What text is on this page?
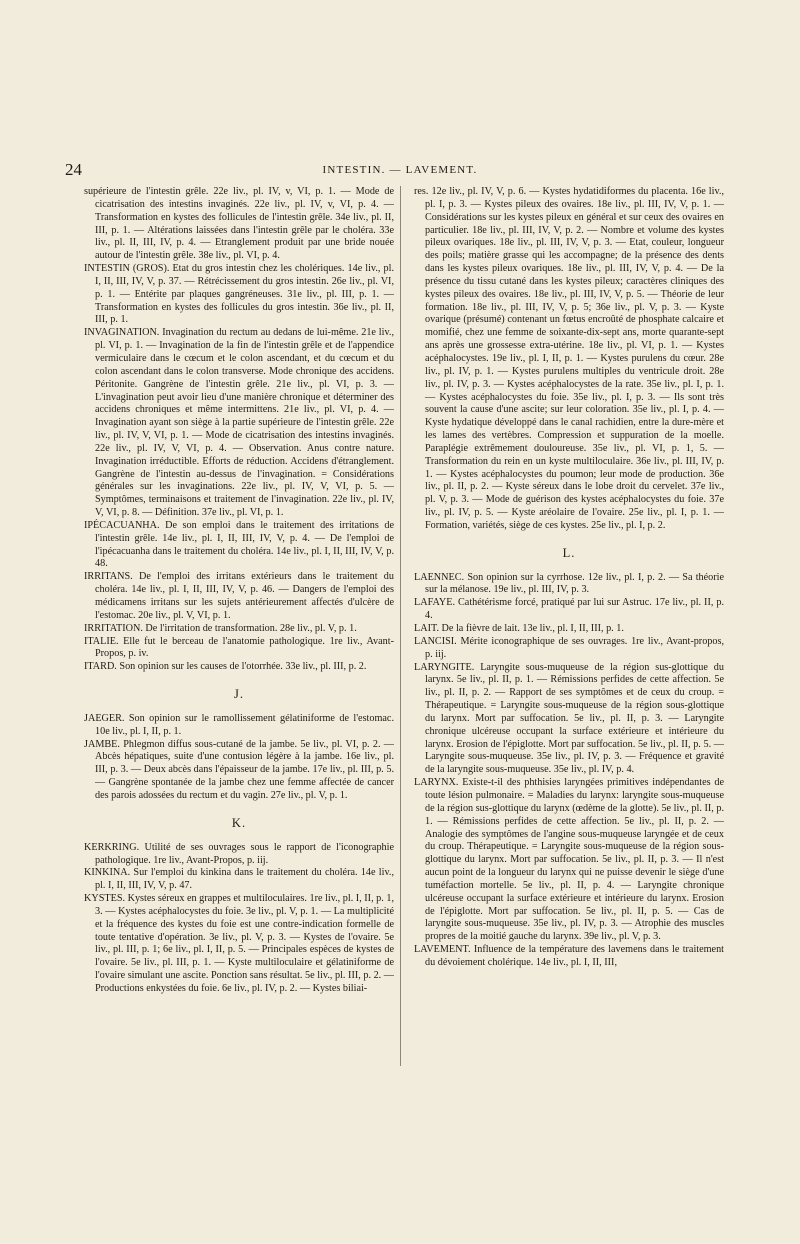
24	INTESTIN. — LAVEMENT.

supérieure de l'intestin grêle. 22e liv., pl. IV, v, VI, p. 1. — Mode de cicatrisation des intestins invaginés. 22e liv., pl. IV, v, VI, p. 4. — Transformation en kystes des follicules de l'intestin grêle. 34e liv., pl. II, III, p. 1. — Altérations laissées dans l'intestin grêle par le choléra. 33e liv., pl. II, III, IV, p. 4. — Etranglement produit par une bride nouée autour de l'intestin grêle. 38e liv., pl. VI, p. 4.

INTESTIN (GROS). Etat du gros intestin chez les cholériques. 14e liv., pl. I, II, III, IV, V, p. 37. — Rétrécissement du gros intestin. 26e liv., pl. VI, p. 1. — Entérite par plaques gangréneuses. 31e liv., pl. III, p. 1. — Transformation en kystes des follicules du gros intestin. 36e liv., pl. II, III, p. 1.

INVAGINATION. Invagination du rectum au dedans de lui-même. 21e liv., pl. VI, p. 1. — Invagination de la fin de l'intestin grêle et de l'appendice vermiculaire dans le cœcum et le colon ascendant, et du cœcum et du colon ascendant dans le colon transverse. Mode chronique des accidens. Péritonite. Gangrène de l'intestin grêle. 21e liv., pl. VI, p. 3. — L'invagination peut avoir lieu d'une manière chronique et déterminer des accidens chroniques et même intermittens. 21e liv., pl. VI, p. 4. — Invagination ayant son siège à la partie supérieure de l'intestin grêle. 22e liv., pl. IV, V, VI, p. 1. — Mode de cicatrisation des intestins invaginés. 22e liv., pl. IV, V, VI, p. 4. — Observation. Anus contre nature. Invagination irréductible. Efforts de réduction. Accidens d'étranglement. Gangrène de l'intestin au-dessus de l'invagination. = Considérations générales sur les invaginations. 22e liv., pl. IV, V, VI, p. 5. — Symptômes, terminaisons et traitement de l'invagination. 22e liv., pl. IV, V, VI, p. 8. — Définition. 37e liv., pl. VI, p. 1.

IPÉCACUANHA. De son emploi dans le traitement des irritations de l'intestin grêle. 14e liv., pl. I, II, III, IV, V, p. 4. — De l'emploi de l'ipécacuanha dans le traitement du choléra. 14e liv., pl. I, II, III, IV, V, p. 48.

IRRITANS. De l'emploi des irritans extérieurs dans le traitement du choléra. 14e liv., pl. I, II, III, IV, V, p. 46. — Dangers de l'emploi des médicamens irritans sur les sujets antérieurement affectés d'ulcère de l'estomac. 20e liv., pl. V, VI, p. 1.

IRRITATION. De l'irritation de transformation. 28e liv., pl. V, p. 1.

ITALIE. Elle fut le berceau de l'anatomie pathologique. 1re liv., Avant-Propos, p. iv.

ITARD. Son opinion sur les causes de l'otorrhée. 33e liv., pl. III, p. 2.

J.

JAEGER. Son opinion sur le ramollissement gélatiniforme de l'estomac. 10e liv., pl. I, II, p. 1.

JAMBE. Phlegmon diffus sous-cutané de la jambe. 5e liv., pl. VI, p. 2. — Abcès hépatiques, suite d'une contusion légère à la jambe. 16e liv., pl. III, p. 3. — Deux abcès dans l'épaisseur de la jambe. 17e liv., pl. III, p. 5. — Gangrène spontanée de la jambe chez une femme affectée de cancer des parois adossées du rectum et du vagin. 27e liv., pl. V, p. 1.

K.

KERKRING. Utilité de ses ouvrages sous le rapport de l'iconographie pathologique. 1re liv., Avant-Propos, p. iij.

KINKINA. Sur l'emploi du kinkina dans le traitement du choléra. 14e liv., pl. I, II, III, IV, V, p. 47.

KYSTES. Kystes séreux en grappes et multiloculaires. 1re liv., pl. I, II, p. 1, 3. — Kystes acéphalocystes du foie. 3e liv., pl. V, p. 1. — La multiplicité et la fréquence des kystes du foie est une contre-indication formelle de toute tentative d'opération. 3e liv., pl. V, p. 3. — Kystes de l'ovaire. 5e liv., pl. III, p. 1; 6e liv., pl. I, II, p. 5. — Principales espèces de kystes de l'ovaire. 5e liv., pl. III, p. 1. — Kyste multiloculaire et gélatiniforme de l'ovaire simulant une ascite. Ponction sans résultat. 5e liv., pl. III, p. 2. — Productions enkystées du foie. 6e liv., pl. IV, p. 2. — Kystes biliai-

res. 12e liv., pl. IV, V, p. 6. — Kystes hydatidiformes du placenta. 16e liv., pl. I, p. 3. — Kystes pileux des ovaires. 18e liv., pl. III, IV, V, p. 1. — Considérations sur les kystes pileux en général et sur ceux des ovaires en particulier. 18e liv., pl. III, IV, V, p. 2. — Nombre et volume des kystes pileux ovariques. 18e liv., pl. III, IV, V, p. 3. — Etat, couleur, longueur des poils; matière grasse qui les accompagne; de la présence des dents dans les kystes pileux ovariques. 18e liv., pl. III, IV, V, p. 4. — De la présence du tissu cutané dans les kystes pileux; caractères cliniques des kystes pileux des ovaires. 18e liv., pl. III, IV, V, p. 5. — Théorie de leur formation. 18e liv., pl. III, IV, V, p. 5; 36e liv., pl. V, p. 3. — Kyste ovarique (présumé) contenant un fœtus encroûté de phosphate calcaire et momifié, chez une femme de soixante-dix-sept ans, morte quarante-sept ans après une grossesse extra-utérine. 18e liv., pl. VI, p. 1. — Kystes acéphalocystes. 19e liv., pl. I, II, p. 1. — Kystes purulens du cœur. 28e liv., pl. IV, p. 1. — Kystes purulens multiples du ventricule droit. 28e liv., pl. IV, p. 3. — Kystes acéphalocystes de la rate. 35e liv., pl. I, p. 1. — Kystes acéphalocystes du foie. 35e liv., pl. I, p. 3. — Ils sont très souvent la cause d'une ascite; sur leur coloration. 35e liv., pl. I, p. 4. — Kyste hydatique développé dans le canal rachidien, entre la dure-mère et les lames des vertèbres. Compression et suppuration de la moelle. Paraplégie extrêmement douloureuse. 35e liv., pl. VI, p. 1, 5. — Transformation du rein en un kyste multiloculaire. 36e liv., pl. III, IV, p. 1. — Kystes acéphalocystes du poumon; leur mode de production. 36e liv., pl. II, p. 2. — Kyste séreux dans le lobe droit du cervelet. 37e liv., pl. V, p. 3. — Mode de guérison des kystes acéphalocystes du foie. 37e liv., pl. IV, p. 5. — Kyste aréolaire de l'ovaire. 25e liv., pl. I, p. 1. — Formation, variétés, siège de ces kystes. 25e liv., pl. I, p. 2.

L.

LAENNEC. Son opinion sur la cyrrhose. 12e liv., pl. I, p. 2. — Sa théorie sur la mélanose. 19e liv., pl. III, IV, p. 3.

LAFAYE. Cathétérisme forcé, pratiqué par lui sur Astruc. 17e liv., pl. II, p. 4.

LAIT. De la fièvre de lait. 13e liv., pl. I, II, III, p. 1.

LANCISI. Mérite iconographique de ses ouvrages. 1re liv., Avant-propos, p. iij.

LARYNGITE. Laryngite sous-muqueuse de la région sus-glottique du larynx. 5e liv., pl. II, p. 1. — Rémissions perfides de cette affection. 5e liv., pl. II, p. 2. — Rapport de ses symptômes et de ceux du croup. = Thérapeutique. = Laryngite sous-muqueuse de la région sous-glottique du larynx. Mort par suffocation. 5e liv., pl. II, p. 3. — Laryngite chronique ulcéreuse occupant la surface extérieure et intérieure du larynx. Erosion de l'épiglotte. Mort par suffocation. 5e liv., pl. II, p. 5. — Laryngite sous-muqueuse. 35e liv., pl. IV, p. 3. — Fréquence et gravité de la laryngite sous-muqueuse. 35e liv., pl. IV, p. 4.

LARYNX. Existe-t-il des phthisies laryngées primitives indépendantes de toute lésion pulmonaire. = Maladies du larynx: laryngite sous-muqueuse de la région sus-glottique du larynx (œdème de la glotte). 5e liv., pl. II, p. 1. — Rémissions perfides de cette affection. 5e liv., pl. II, p. 2. — Analogie des symptômes de l'angine sous-muqueuse laryngée et de ceux du croup. Thérapeutique. = Laryngite sous-muqueuse de la région sous-glottique du larynx. Mort par suffocation. 5e liv., pl. II, p. 3. — Il n'est aucun point de la longueur du larynx qui ne puisse devenir le siège d'une tuméfaction mortelle. 5e liv., pl. II, p. 4. — Laryngite chronique ulcéreuse occupant la surface extérieure et intérieure du larynx. Erosion de l'épiglotte. Mort par suffocation. 5e liv., pl. II, p. 5. — Cas de laryngite sous-muqueuse. 35e liv., pl. IV, p. 3. — Atrophie des muscles propres de la moitié gauche du larynx. 39e liv., pl. V, p. 3.

LAVEMENT. Influence de la température des lavemens dans le traitement du dévoiement cholérique. 14e liv., pl. I, II, III,
